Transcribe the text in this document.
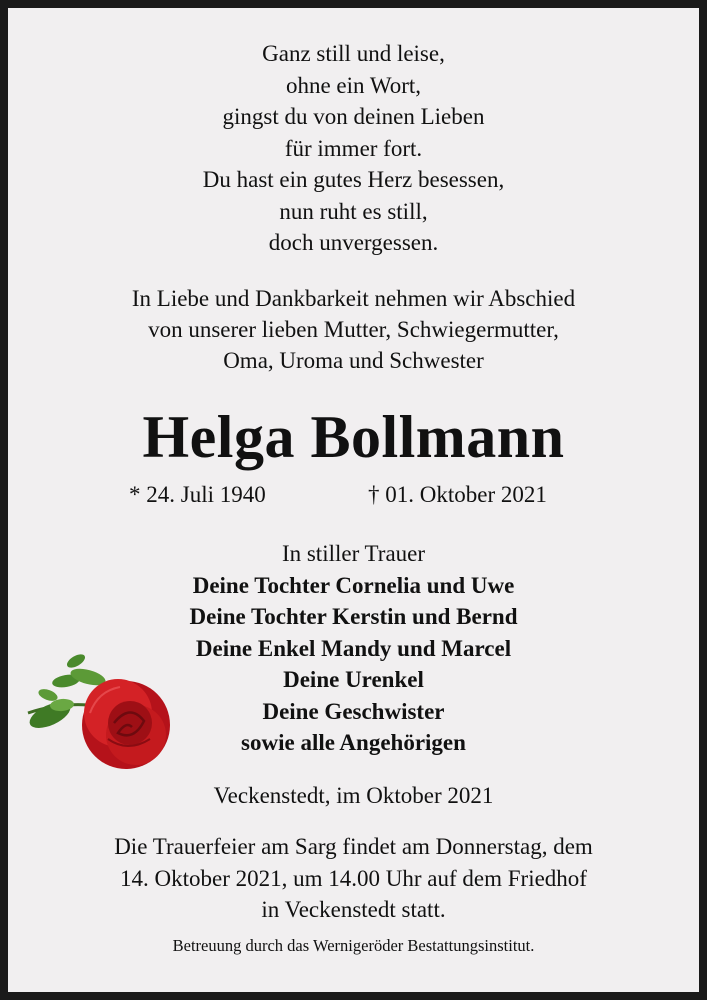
Ganz still und leise,
ohne ein Wort,
gingst du von deinen Lieben
für immer fort.
Du hast ein gutes Herz besessen,
nun ruht es still,
doch unvergessen.
In Liebe und Dankbarkeit nehmen wir Abschied
von unserer lieben Mutter, Schwiegermutter,
Oma, Uroma und Schwester
Helga Bollmann
* 24. Juli 1940	† 01. Oktober 2021
In stiller Trauer
Deine Tochter Cornelia und Uwe
Deine Tochter Kerstin und Bernd
Deine Enkel Mandy und Marcel
Deine Urenkel
Deine Geschwister
sowie alle Angehörigen
Veckenstedt, im Oktober 2021
Die Trauerfeier am Sarg findet am Donnerstag, dem
14. Oktober 2021, um 14.00 Uhr auf dem Friedhof
in Veckenstedt statt.
Betreuung durch das Wernigeröder Bestattungsinstitut.
